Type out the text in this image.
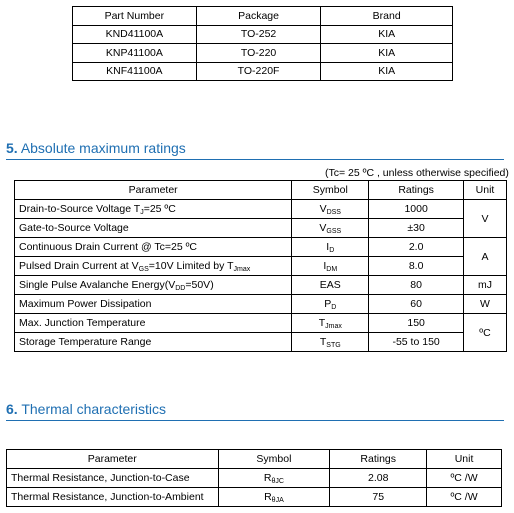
Part Number	Package	Brand
KND41100A	TO-252	KIA
KNP41100A	TO-220	KIA
KNF41100A	TO-220F	KIA
5. Absolute maximum ratings
(Tc= 25 ºC , unless otherwise specified)
Parameter	Symbol	Ratings	Unit
Drain-to-Source Voltage $T_J=25$ ºC	$V_{DSS}$	1000	V
Gate-to-Source Voltage	$V_{GSS}$	±30	
Continuous Drain Current @ Tc=25 ºC	$I_D$	2.0	A
Pulsed Drain Current at $V_{GS}=10V$ Limited by $T_{Jmax}$	$I_{DM}$	8.0	
Single Pulse Avalanche $Energy(V_{DD}=50V)$	EAS	80	mJ
Maximum Power Dissipation	$P_D$	60	W
Max. Junction Temperature	$T_{Jmax}$	150	ºC
Storage Temperature Range	$T_{STG}$	-55 to 150	
6. Thermal characteristics
Parameter	Symbol	Ratings	Unit
Thermal Resistance, Junction-to-Case	$R_{\theta JC}$	2.08	ºC /W
Thermal Resistance, Junction-to-Ambient	$R_{\theta JA}$	75	ºC /W
